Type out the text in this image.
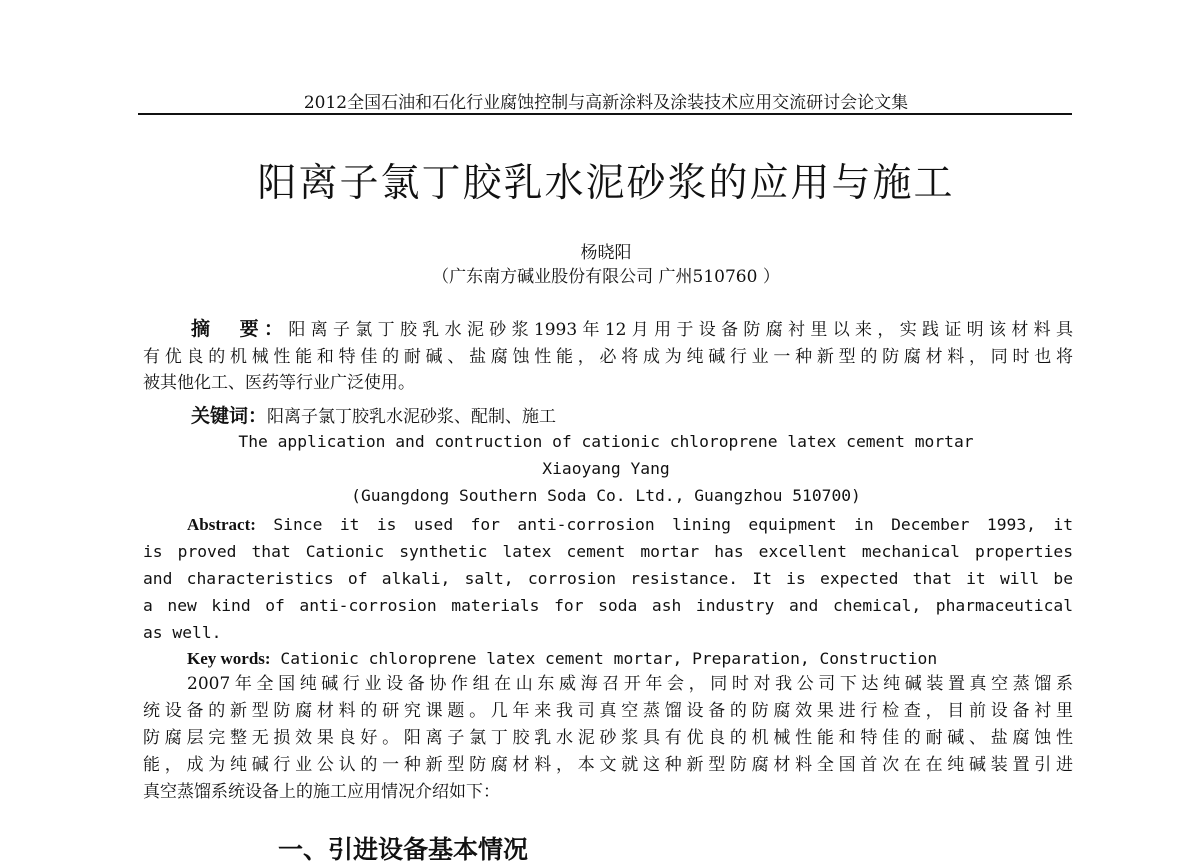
2012全国石油和石化行业腐蚀控制与高新涂料及涂装技术应用交流研讨会论文集
阳离子氯丁胶乳水泥砂浆的应用与施工
杨晓阳
（广东南方碱业股份有限公司 广州510760 ）
摘　要：阳离子氯丁胶乳水泥砂浆1993年12月用于设备防腐衬里以来，实践证明该材料具
有优良的机械性能和特佳的耐碱、盐腐蚀性能，必将成为纯碱行业一种新型的防腐材料，同时也将
被其他化工、医药等行业广泛使用。
关键词：阳离子氯丁胶乳水泥砂浆、配制、施工
The application and contruction of cationic chloroprene latex cement mortar
Xiaoyang Yang
(Guangdong Southern Soda Co. Ltd., Guangzhou 510700)
Abstract: Since it is used for anti-corrosion lining equipment in December 1993, it
is proved that Cationic synthetic latex cement mortar has excellent mechanical properties
and characteristics of alkali, salt, corrosion resistance. It is expected that it will be
a new kind of anti-corrosion materials for soda ash industry and chemical, pharmaceutical
as well.
Key words: Cationic chloroprene latex cement mortar, Preparation, Construction
2007年全国纯碱行业设备协作组在山东威海召开年会，同时对我公司下达纯碱装置真空蒸馏系
统设备的新型防腐材料的研究课题。几年来我司真空蒸馏设备的防腐效果进行检查，目前设备衬里
防腐层完整无损效果良好。阳离子氯丁胶乳水泥砂浆具有优良的机械性能和特佳的耐碱、盐腐蚀性
能，成为纯碱行业公认的一种新型防腐材料，本文就这种新型防腐材料全国首次在在纯碱装置引进
真空蒸馏系统设备上的施工应用情况介绍如下：
一、引进设备基本情况
